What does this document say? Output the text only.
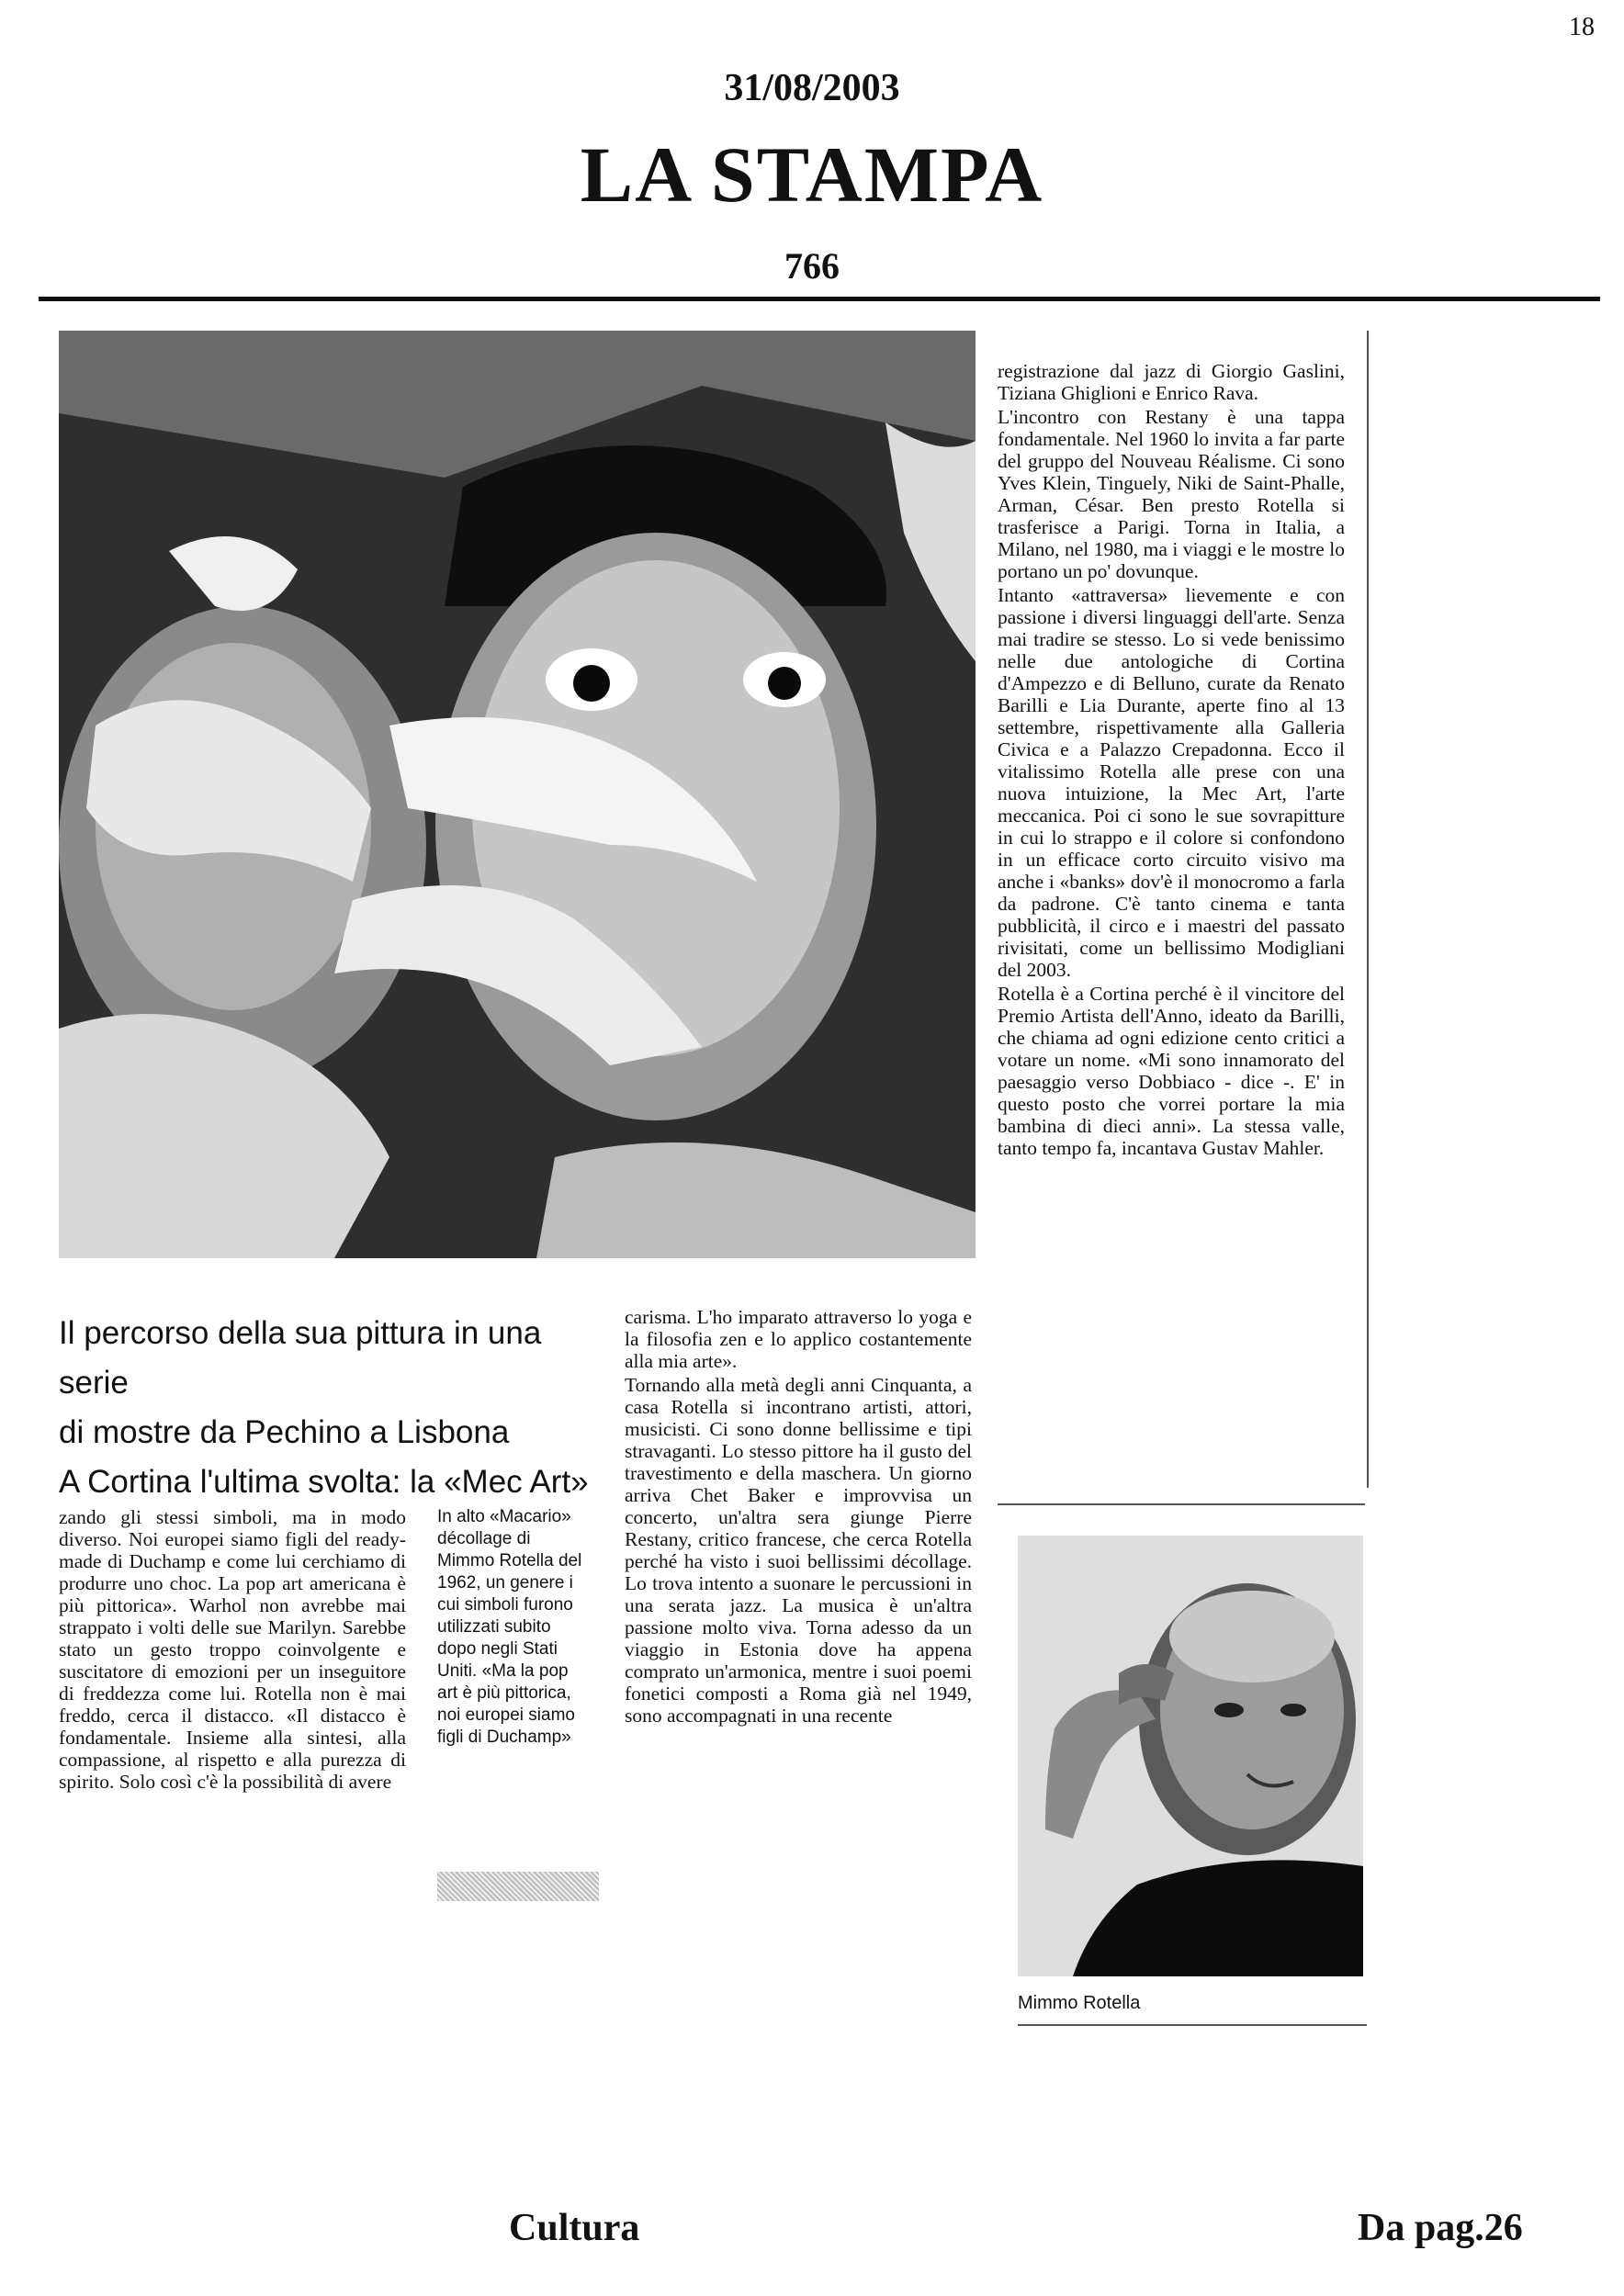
18
31/08/2003
LA STAMPA
766
Il percorso della sua pittura in una serie
di mostre da Pechino a Lisbona
A Cortina l'ultima svolta: la «Mec Art»

zando gli stessi simboli, ma in modo diverso. Noi europei siamo figli del ready-made di Duchamp e come lui cerchiamo di produrre uno choc. La pop art americana è più pittorica». Warhol non avrebbe mai strappato i volti delle sue Marilyn. Sarebbe stato un gesto troppo coinvolgente e suscitatore di emozioni per un inseguitore di freddezza come lui. Rotella non è mai freddo, cerca il distacco. «Il distacco è fondamentale. Insieme alla sintesi, alla compassione, al rispetto e alla purezza di spirito. Solo così c'è la possibilità di avere

In alto «Macario» décollage di Mimmo Rotella del 1962, un genere i cui simboli furono utilizzati subito dopo negli Stati Uniti. «Ma la pop art è più pittorica, noi europei siamo figli di Duchamp»

carisma. L'ho imparato attraverso lo yoga e la filosofia zen e lo applico costantemente alla mia arte».

Tornando alla metà degli anni Cinquanta, a casa Rotella si incontrano artisti, attori, musicisti. Ci sono donne bellissime e tipi stravaganti. Lo stesso pittore ha il gusto del travestimento e della maschera. Un giorno arriva Chet Baker e improvvisa un concerto, un'altra sera giunge Pierre Restany, critico francese, che cerca Rotella perché ha visto i suoi bellissimi décollage. Lo trova intento a suonare le percussioni in una serata jazz. La musica è un'altra passione molto viva. Torna adesso da un viaggio in Estonia dove ha appena comprato un'armonica, mentre i suoi poemi fonetici composti a Roma già nel 1949, sono accompagnati in una recente

registrazione dal jazz di Giorgio Gaslini, Tiziana Ghiglioni e Enrico Rava.

L'incontro con Restany è una tappa fondamentale. Nel 1960 lo invita a far parte del gruppo del Nouveau Réalisme. Ci sono Yves Klein, Tinguely, Niki de Saint-Phalle, Arman, César. Ben presto Rotella si trasferisce a Parigi. Torna in Italia, a Milano, nel 1980, ma i viaggi e le mostre lo portano un po' dovunque.

Intanto «attraversa» lievemente e con passione i diversi linguaggi dell'arte. Senza mai tradire se stesso. Lo si vede benissimo nelle due antologiche di Cortina d'Ampezzo e di Belluno, curate da Renato Barilli e Lia Durante, aperte fino al 13 settembre, rispettivamente alla Galleria Civica e a Palazzo Crepadonna. Ecco il vitalissimo Rotella alle prese con una nuova intuizione, la Mec Art, l'arte meccanica. Poi ci sono le sue sovrapitture in cui lo strappo e il colore si confondono in un efficace corto circuito visivo ma anche i «banks» dov'è il monocromo a farla da padrone. C'è tanto cinema e tanta pubblicità, il circo e i maestri del passato rivisitati, come un bellissimo Modigliani del 2003.

Rotella è a Cortina perché è il vincitore del Premio Artista dell'Anno, ideato da Barilli, che chiama ad ogni edizione cento critici a votare un nome. «Mi sono innamorato del paesaggio verso Dobbiaco - dice -. E' in questo posto che vorrei portare la mia bambina di dieci anni». La stessa valle, tanto tempo fa, incantava Gustav Mahler.

Mimmo Rotella
Cultura	Da pag.26
